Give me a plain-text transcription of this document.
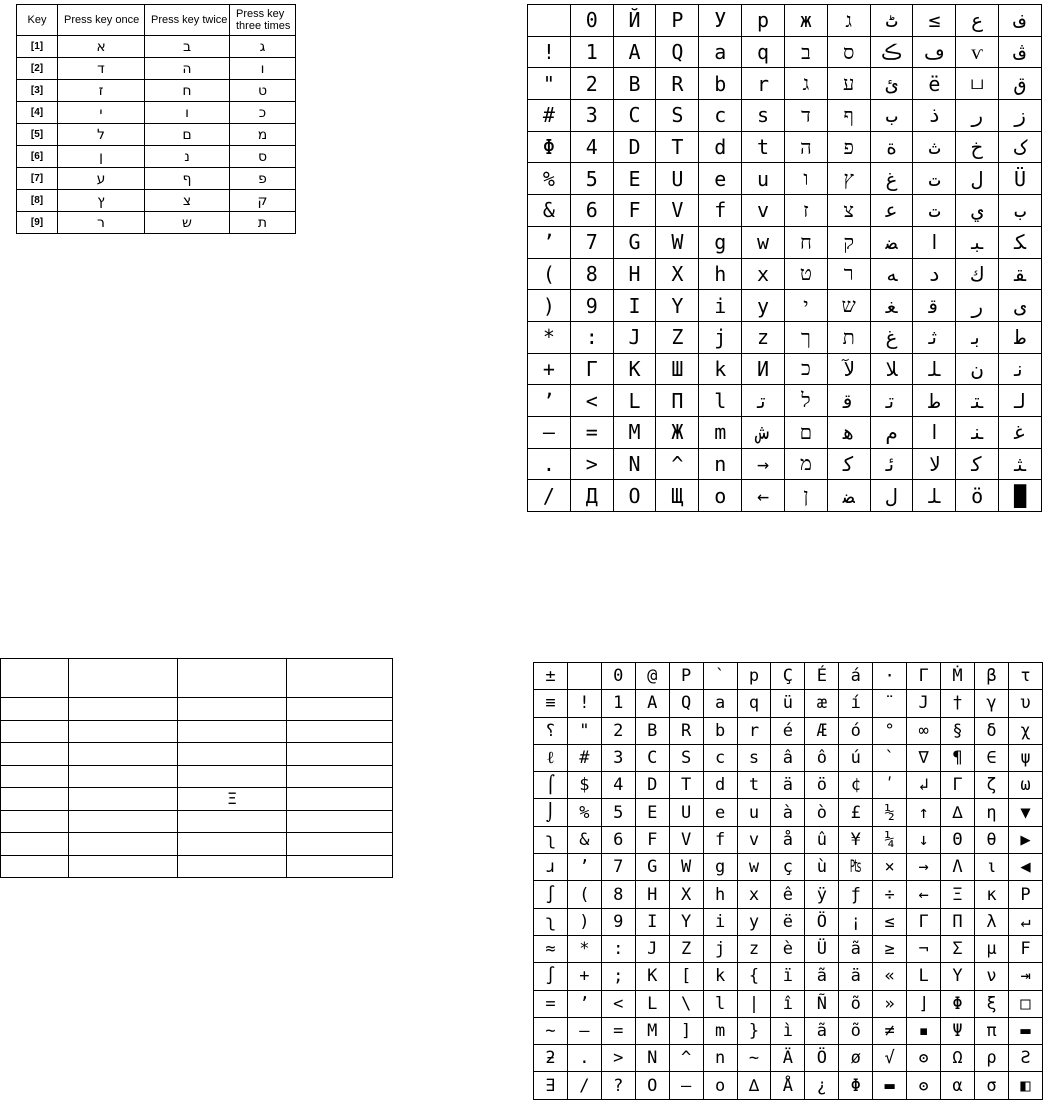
Key	Press key once	Press key twice	Press key three times
[1]	א	ב	ג
[2]	ד	ה	ו
[3]	ז	ח	ט
[4]	י	ו	כ
[5]	ל	ם	מ
[6]	ן	נ	ס
[7]	ע	ף	פ
[8]	ץ	צ	ק
[9]	ר	ש	ת
	0	Й	P	У	p	ж	ג	ٹ	≤	ع	ف
!	1	A	Q	a	q	ב	ס	ڪ	ڡ	ѵ	ڤ
"	2	B	R	b	r	ג	ע	ئ	ë	ப	ق
#	3	C	S	c	s	ד	ף	ب	ذ	ر	ز
Φ	4	D	T	d	t	ה	פ	ة	ث	خ	ک
%	5	E	U	e	u	ו	ץ	غ	ت	ل	Ü
&	6	F	V	f	v	ז	צ	ﻋ	ﺕ	ي	ب
ʼ	7	G	W	g	w	ח	ק	ﻀ	ا	ﺒ	ﻜ
(	8	H	X	h	x	ט	ר	ﻪ	ﺩ	ﻙ	ﻘ
)	9	I	Y	i	y	י	ש	ﻐ	ﻗ	ﺭ	ى
*	:	J	Z	j	z	ך	ת	ﻍ	ﺛ	ﺑ	ط
+	Γ	K	Ш	k	И	כ	ﻵ	ﻼ	ﻠ	ﻥ	ﻧ
ʼ	<	L	Π	l	ﺗ	ל	ﻗ	ﺗ	ﻃ	ﺘ	ﻟ
–	=	M	Ж	m	ﺵ	ם	ﻫ	ﻡ	ا	ﻨ	ﻏ
.	>	N	^	n	→	מ	ﮐ	ﺋ	ﻻ	ﻛ	ﺜ
/	Д	O	Щ	o	←	ן	ﻀ	ﻝ	ﻠ	ö	█

		Ξ	

±		0	@	P	`	p	Ç	É	á	·	Γ	Ṁ	β	τ
≡	!	1	A	Q	a	q	ü	æ	í	¨	J	†	γ	υ
⸮	"	2	B	R	b	r	é	Æ	ó	°	∞	§	δ	χ
ℓ	#	3	C	S	c	s	â	ô	ú	`	∇	¶	∈	ψ
⌠	$	4	D	T	d	t	ä	ö	¢	ʹ	↲	Γ	ζ	ω
⌡	%	5	E	U	e	u	à	ò	£	½	↑	∆	η	▼
ʅ	&	6	F	V	f	v	å	û	¥	¼	↓	Θ	θ	▶
ɹ	ʼ	7	G	W	g	w	ç	ù	₧	×	→	Λ	ι	◀
∫	(	8	H	X	h	x	ê	ÿ	ƒ	÷	←	Ξ	κ	P
ʅ	)	9	I	Y	i	y	ë	Ö	¡	≤	Γ	Π	λ	↵
≈	*	:	J	Z	j	z	è	Ü	ã	≥	¬	Σ	μ	F
∫	+	;	K	[	k	{	ï	ã	ä	«	L	Υ	ν	⇥
=	ʼ	<	L	\	l	|	î	Ñ	õ	»	⌋	Φ	ξ	□
∼	–	=	M	]	m	}	ì	ã	õ	≠	▪	Ψ	π	▬
ƻ	.	>	N	^	n	~	Ä	Ö	ø	√	ʘ	Ω	ρ	Ƨ
∃	/	?	O	–	o	∆	Å	¿	Φ	▬	ʘ	α	σ	◧
